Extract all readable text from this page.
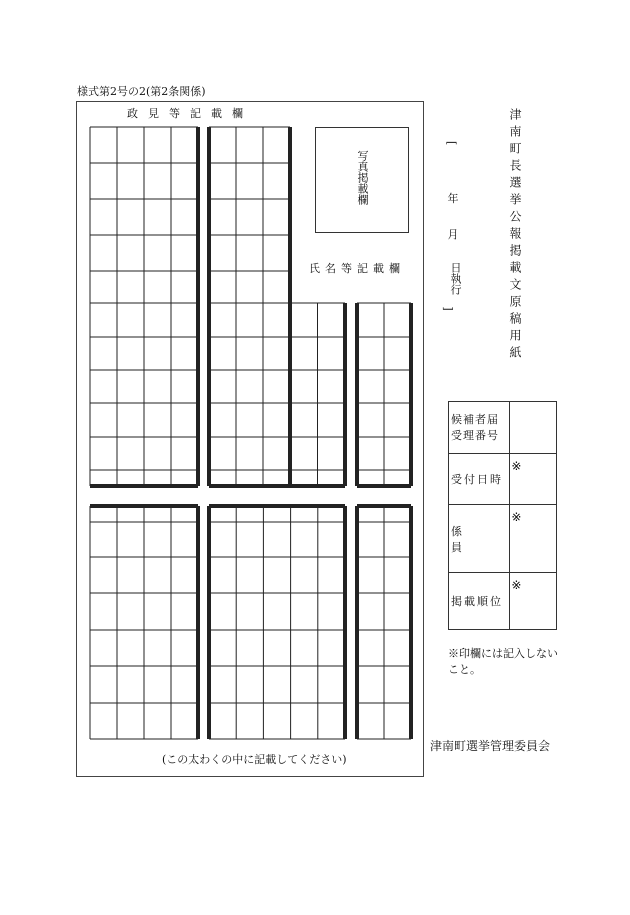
様式第2号の2(第2条関係)
政見等記載欄
写真掲載欄
氏名等記載欄
(この太わくの中に記載してください)
津南町長選挙公報掲載文原稿用紙
[
年
月
日執行
]
候補者届受理番号	

受付日時	※

係　　員	※

掲載順位	※
※印欄には記入しないこと。
津南町選挙管理委員会
